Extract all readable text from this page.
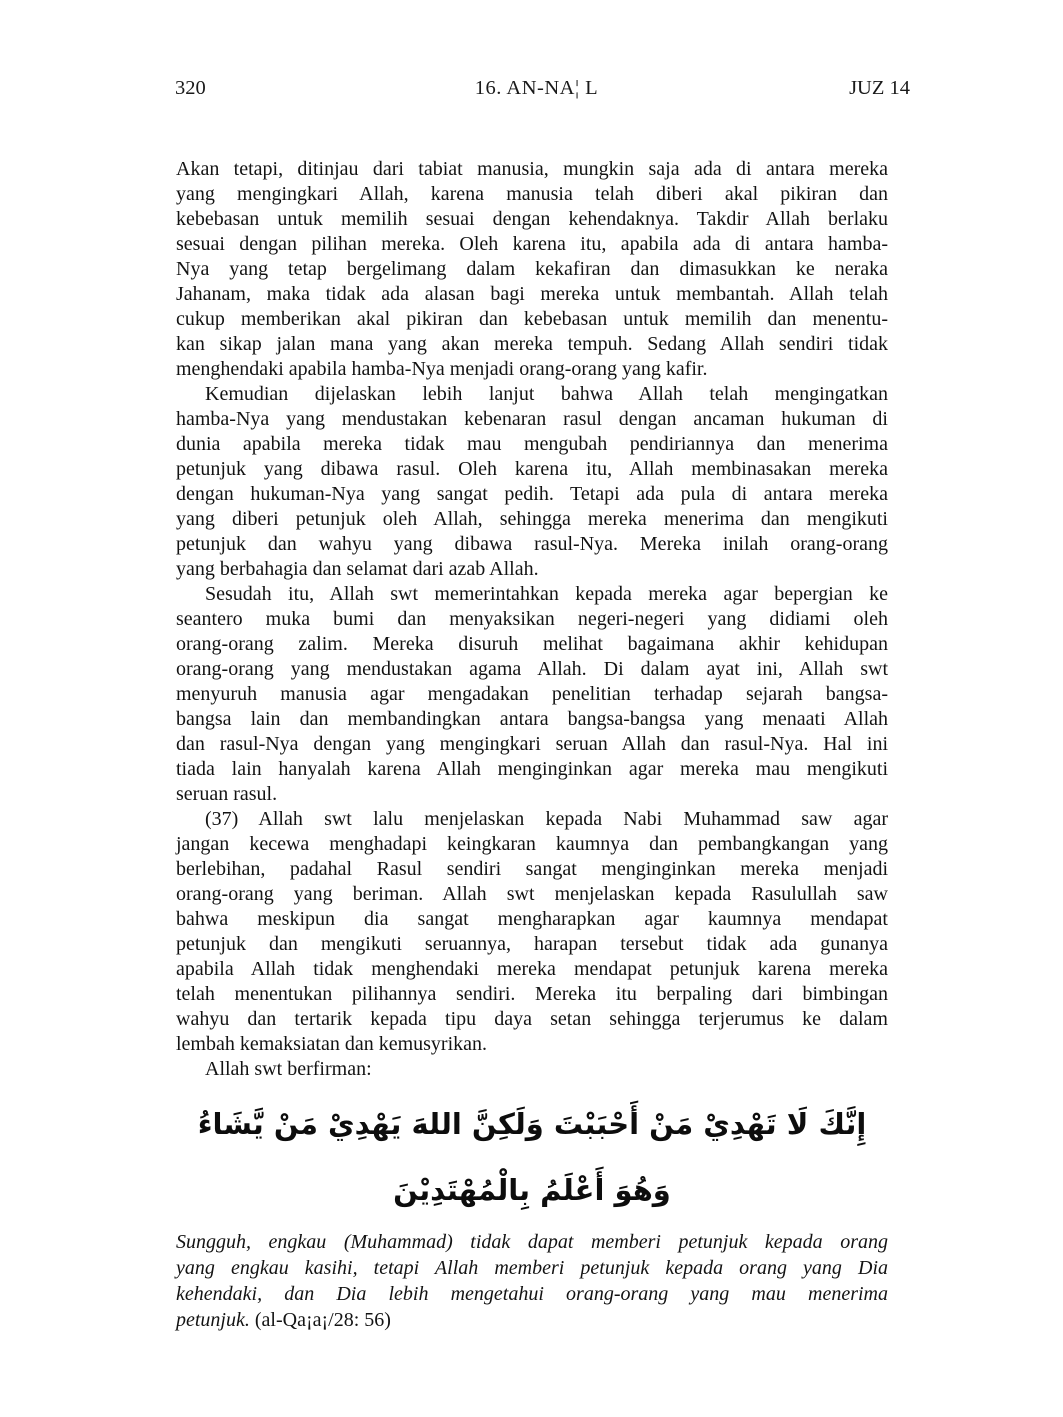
320	16. AN-NA¦ L	JUZ 14
Akan tetapi, ditinjau dari tabiat manusia, mungkin saja ada di antara mereka
yang mengingkari Allah, karena manusia telah diberi akal pikiran dan
kebebasan untuk memilih sesuai dengan kehendaknya. Takdir Allah berlaku
sesuai dengan pilihan mereka. Oleh karena itu, apabila ada di antara hamba-
Nya yang tetap bergelimang dalam kekafiran dan dimasukkan ke neraka
Jahanam, maka tidak ada alasan bagi mereka untuk membantah. Allah telah
cukup memberikan akal pikiran dan kebebasan untuk memilih dan menentu-
kan sikap jalan mana yang akan mereka tempuh. Sedang Allah sendiri tidak
menghendaki apabila hamba-Nya menjadi orang-orang yang kafir.
Kemudian dijelaskan lebih lanjut bahwa Allah telah mengingatkan
hamba-Nya yang mendustakan kebenaran rasul dengan ancaman hukuman di
dunia apabila mereka tidak mau mengubah pendiriannya dan menerima
petunjuk yang dibawa rasul. Oleh karena itu, Allah membinasakan mereka
dengan hukuman-Nya yang sangat pedih. Tetapi ada pula di antara mereka
yang diberi petunjuk oleh Allah, sehingga mereka menerima dan mengikuti
petunjuk dan wahyu yang dibawa rasul-Nya. Mereka inilah orang-orang
yang berbahagia dan selamat dari azab Allah.
Sesudah itu, Allah swt memerintahkan kepada mereka agar bepergian ke
seantero muka bumi dan menyaksikan negeri-negeri yang didiami oleh
orang-orang zalim. Mereka disuruh melihat bagaimana akhir kehidupan
orang-orang yang mendustakan agama Allah. Di dalam ayat ini, Allah swt
menyuruh manusia agar mengadakan penelitian terhadap sejarah bangsa-
bangsa lain dan membandingkan antara bangsa-bangsa yang menaati Allah
dan rasul-Nya dengan yang mengingkari seruan Allah dan rasul-Nya. Hal ini
tiada lain hanyalah karena Allah menginginkan agar mereka mau mengikuti
seruan rasul.
(37) Allah swt lalu menjelaskan kepada Nabi Muhammad saw agar
jangan kecewa menghadapi keingkaran kaumnya dan pembangkangan yang
berlebihan, padahal Rasul sendiri sangat menginginkan mereka menjadi
orang-orang yang beriman. Allah swt menjelaskan kepada Rasulullah saw
bahwa meskipun dia sangat mengharapkan agar kaumnya mendapat
petunjuk dan mengikuti seruannya, harapan tersebut tidak ada gunanya
apabila Allah tidak menghendaki mereka mendapat petunjuk karena mereka
telah menentukan pilihannya sendiri. Mereka itu berpaling dari bimbingan
wahyu dan tertarik kepada tipu daya setan sehingga terjerumus ke dalam
lembah kemaksiatan dan kemusyrikan.
Allah swt berfirman:
إِنَّكَ لَا تَهْدِيْ مَنْ أَحْبَبْتَ وَلَكِنَّ اللهَ يَهْدِيْ مَنْ يَّشَاءُ وَهُوَ أَعْلَمُ بِالْمُهْتَدِيْنَ
Sungguh, engkau (Muhammad) tidak dapat memberi petunjuk kepada orang
yang engkau kasihi, tetapi Allah memberi petunjuk kepada orang yang Dia
kehendaki, dan Dia lebih mengetahui orang-orang yang mau menerima
petunjuk. (al-Qa¡a¡/28: 56)
